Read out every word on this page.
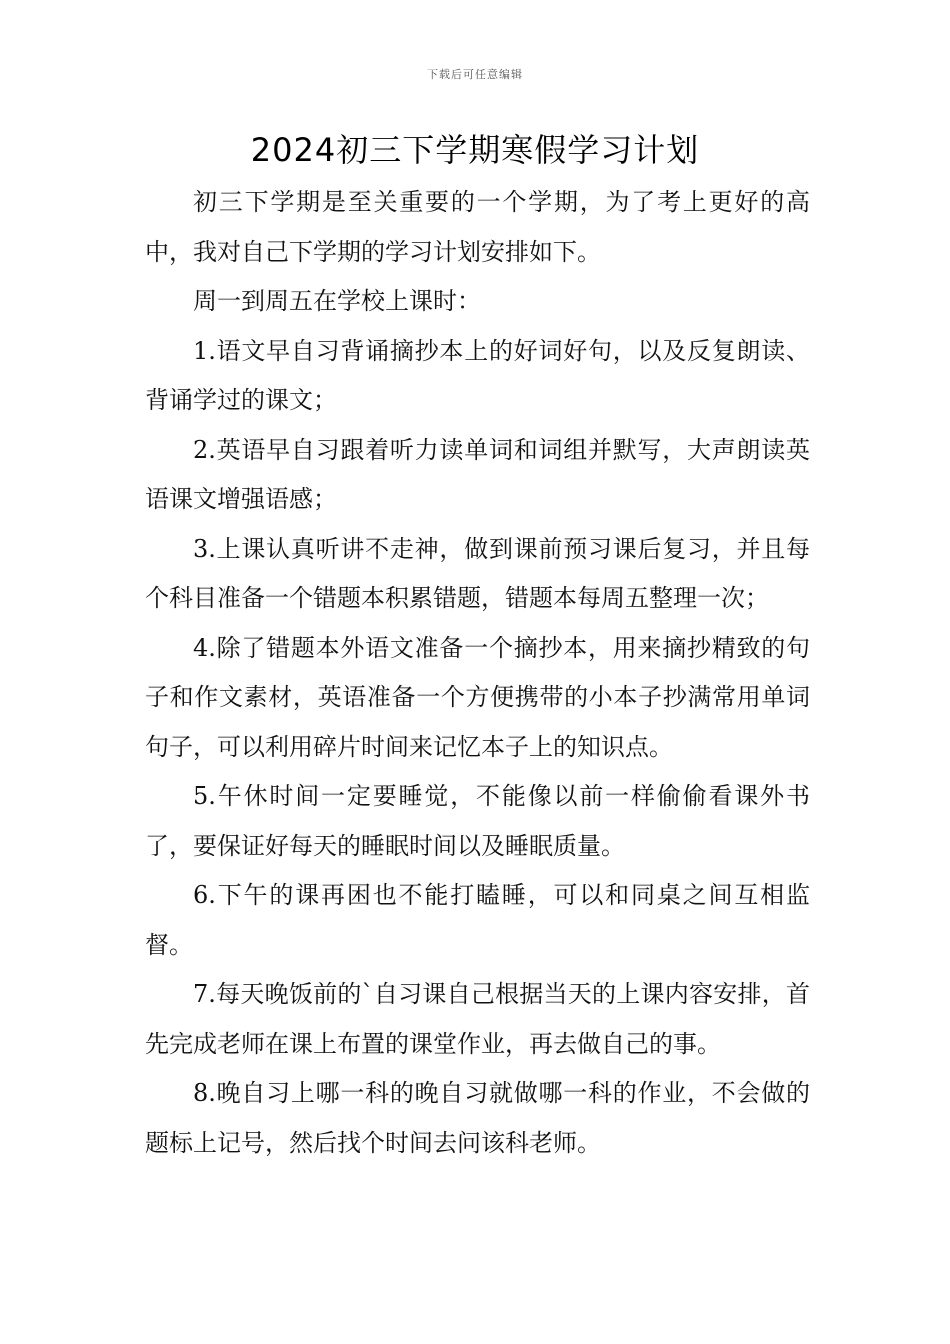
下载后可任意编辑
2024初三下学期寒假学习计划

初三下学期是至关重要的一个学期，为了考上更好的高中，我对自己下学期的学习计划安排如下。

周一到周五在学校上课时：

1.语文早自习背诵摘抄本上的好词好句，以及反复朗读、背诵学过的课文；

2.英语早自习跟着听力读单词和词组并默写，大声朗读英语课文增强语感；

3.上课认真听讲不走神，做到课前预习课后复习，并且每个科目准备一个错题本积累错题，错题本每周五整理一次；

4.除了错题本外语文准备一个摘抄本，用来摘抄精致的句子和作文素材，英语准备一个方便携带的小本子抄满常用单词句子，可以利用碎片时间来记忆本子上的知识点。

5.午休时间一定要睡觉，不能像以前一样偷偷看课外书了，要保证好每天的睡眠时间以及睡眠质量。

6.下午的课再困也不能打瞌睡，可以和同桌之间互相监督。

7.每天晚饭前的`自习课自己根据当天的上课内容安排，首先完成老师在课上布置的课堂作业，再去做自己的事。

8.晚自习上哪一科的晚自习就做哪一科的作业，不会做的题标上记号，然后找个时间去问该科老师。
